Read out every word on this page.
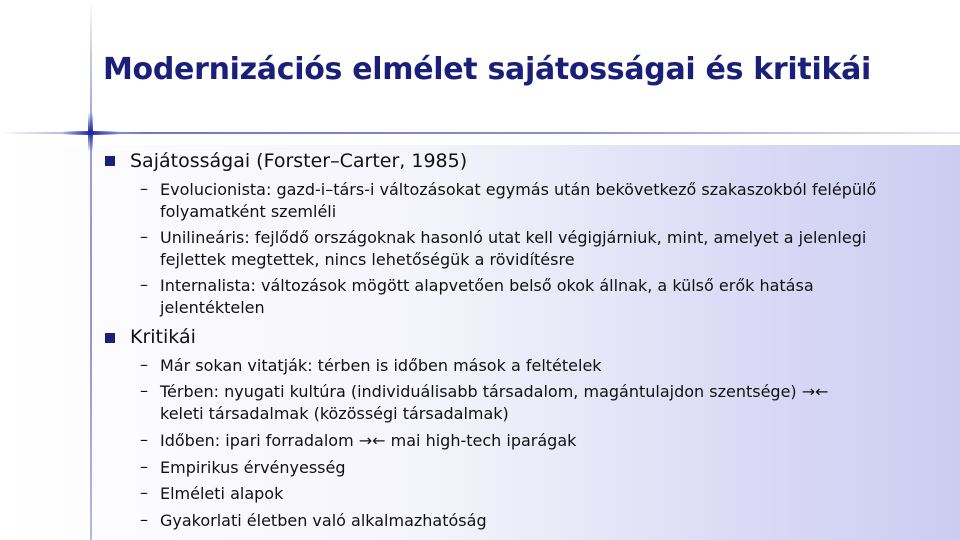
Modernizációs elmélet sajátosságai és kritikái
Sajátosságai (Forster–Carter, 1985)
– Evolucionista: gazd-i–társ-i változásokat egymás után bekövetkező szakaszokból felépülő
folyamatként szemléli
– Unilineáris: fejlődő országoknak hasonló utat kell végigjárniuk, mint, amelyet a jelenlegi
fejlettek megtettek, nincs lehetőségük a rövidítésre
– Internalista: változások mögött alapvetően belső okok állnak, a külső erők hatása
jelentéktelen
Kritikái
– Már sokan vitatják: térben is időben mások a feltételek
– Térben: nyugati kultúra (individuálisabb társadalom, magántulajdon szentsége) →←
keleti társadalmak (közösségi társadalmak)
– Időben: ipari forradalom →← mai high-tech iparágak
– Empirikus érvényesség
– Elméleti alapok
– Gyakorlati életben való alkalmazhatóság
